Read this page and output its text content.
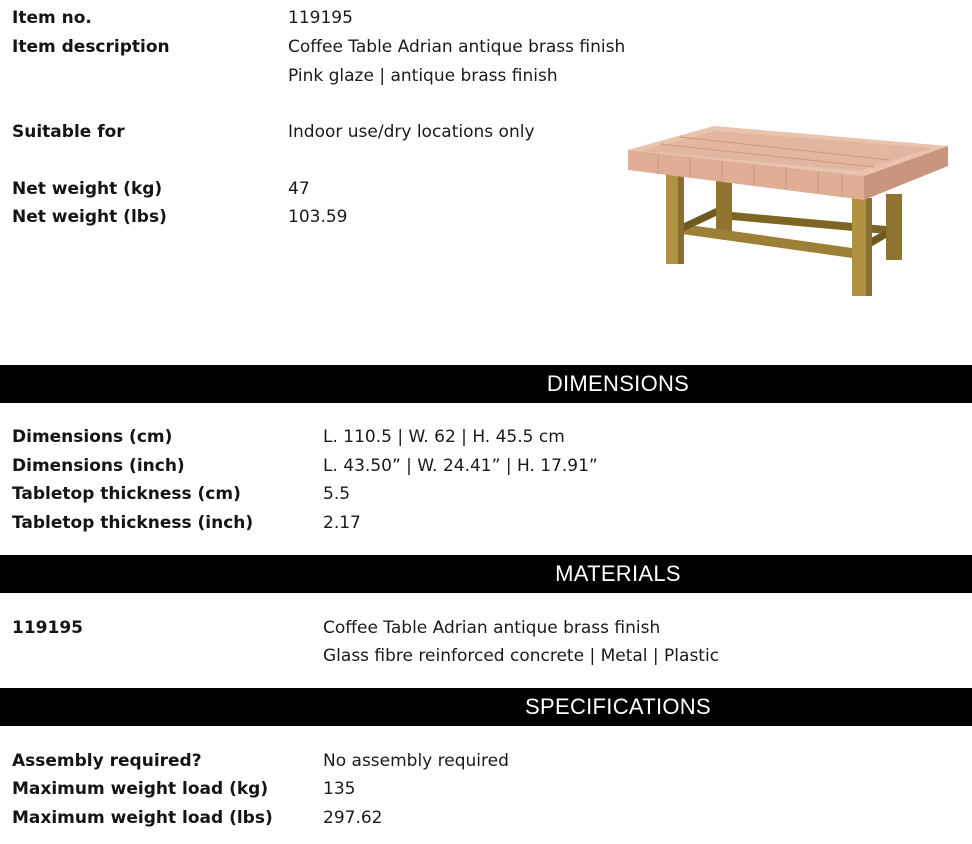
Item no.	119195
Item description	Coffee Table Adrian antique brass finish
Pink glaze | antique brass finish
Suitable for	Indoor use/dry locations only
Net weight (kg)	47
Net weight (lbs)	103.59
DIMENSIONS
Dimensions (cm)	L. 110.5 | W. 62 | H. 45.5 cm
Dimensions (inch)	L. 43.50” | W. 24.41” | H. 17.91”
Tabletop thickness (cm)	5.5
Tabletop thickness (inch)	2.17
MATERIALS
119195	Coffee Table Adrian antique brass finish
Glass fibre reinforced concrete | Metal | Plastic
SPECIFICATIONS
Assembly required?	No assembly required
Maximum weight load (kg)	135
Maximum weight load (lbs)	297.62
